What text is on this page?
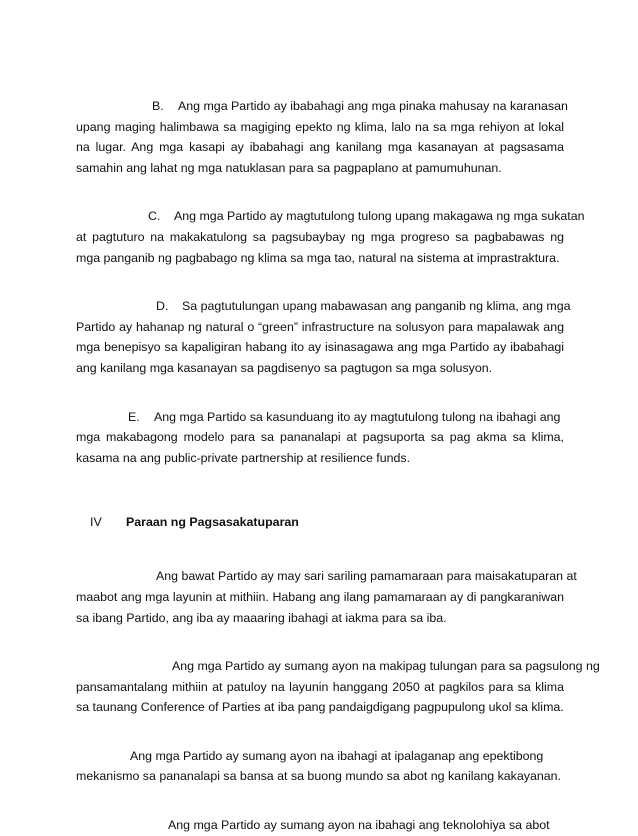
B. Ang mga Partido ay ibabahagi ang mga pinaka mahusay na karanasan
upang maging halimbawa sa magiging epekto ng klima, lalo na sa mga rehiyon at lokal na lugar. Ang mga kasapi ay ibabahagi ang kanilang mga kasanayan at pagsasama samahin ang lahat ng mga natuklasan para sa pagpaplano at pamumuhunan.

C. Ang mga Partido ay magtutulong tulong upang makagawa ng mga sukatan
at pagtuturo na makakatulong sa pagsubaybay ng mga progreso sa pagbabawas ng mga panganib ng pagbabago ng klima sa mga tao, natural na sistema at imprastraktura.

D. Sa pagtutulungan upang mabawasan ang panganib ng klima, ang mga
Partido ay hahanap ng natural o “green” infrastructure na solusyon para mapalawak ang mga benepisyo sa kapaligiran habang ito ay isinasagawa ang mga Partido ay ibabahagi ang kanilang mga kasanayan sa pagdisenyo sa pagtugon sa mga solusyon.

E. Ang mga Partido sa kasunduang ito ay magtutulong tulong na ibahagi ang
mga makabagong modelo para sa pananalapi at pagsuporta sa pag akma sa klima, kasama na ang public-private partnership at resilience funds.

IV Paraan ng Pagsasakatuparan

Ang bawat Partido ay may sari sariling pamamaraan para maisakatuparan at
maabot ang mga layunin at mithiin. Habang ang ilang pamamaraan ay di pangkaraniwan sa ibang Partido, ang iba ay maaaring ibahagi at iakma para sa iba.

Ang mga Partido ay sumang ayon na makipag tulungan para sa pagsulong ng
pansamantalang mithiin at patuloy na layunin hanggang 2050 at pagkilos para sa klima sa taunang Conference of Parties at iba pang pandaigdigang pagpupulong ukol sa klima.

Ang mga Partido ay sumang ayon na ibahagi at ipalaganap ang epektibong
mekanismo sa pananalapi sa bansa at sa buong mundo sa abot ng kanilang kakayanan.

Ang mga Partido ay sumang ayon na ibahagi ang teknolohiya sa abot
